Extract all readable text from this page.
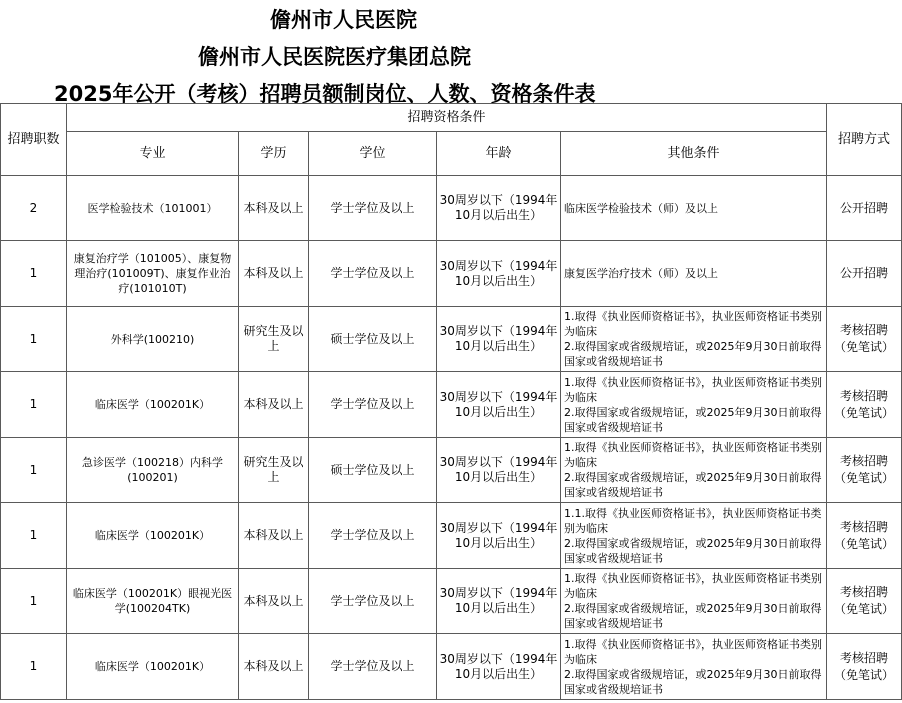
儋州市人民医院
儋州市人民医院医疗集团总院
2025年公开（考核）招聘员额制岗位、人数、资格条件表
招聘职数	招聘资格条件					招聘方式
	专业	学历	学位	年龄	其他条件	
2	医学检验技术（101001）	本科及以上	学士学位及以上	30周岁以下（1994年10月以后出生）	临床医学检验技术（师）及以上	公开招聘
1	康复治疗学（101005）、康复物理治疗(101009T)、康复作业治疗(101010T)	本科及以上	学士学位及以上	30周岁以下（1994年10月以后出生）	康复医学治疗技术（师）及以上	公开招聘
1	外科学(100210)	研究生及以上	硕士学位及以上	30周岁以下（1994年10月以后出生）	1.取得《执业医师资格证书》，执业医师资格证书类别为临床
2.取得国家或省级规培证，或2025年9月30日前取得国家或省级规培证书	考核招聘（免笔试）
1	临床医学（100201K）	本科及以上	学士学位及以上	30周岁以下（1994年10月以后出生）	1.取得《执业医师资格证书》，执业医师资格证书类别为临床
2.取得国家或省级规培证，或2025年9月30日前取得国家或省级规培证书	考核招聘（免笔试）
1	急诊医学（100218）内科学(100201)	研究生及以上	硕士学位及以上	30周岁以下（1994年10月以后出生）	1.取得《执业医师资格证书》，执业医师资格证书类别为临床
2.取得国家或省级规培证，或2025年9月30日前取得国家或省级规培证书	考核招聘（免笔试）
1	临床医学（100201K）	本科及以上	学士学位及以上	30周岁以下（1994年10月以后出生）	1.1.取得《执业医师资格证书》，执业医师资格证书类别为临床
2.取得国家或省级规培证，或2025年9月30日前取得国家或省级规培证书	考核招聘（免笔试）
1	临床医学（100201K）眼视光医学(100204TK)	本科及以上	学士学位及以上	30周岁以下（1994年10月以后出生）	1.取得《执业医师资格证书》，执业医师资格证书类别为临床
2.取得国家或省级规培证，或2025年9月30日前取得国家或省级规培证书	考核招聘（免笔试）
1	临床医学（100201K）	本科及以上	学士学位及以上	30周岁以下（1994年10月以后出生）	1.取得《执业医师资格证书》，执业医师资格证书类别为临床
2.取得国家或省级规培证，或2025年9月30日前取得国家或省级规培证书	考核招聘（免笔试）
